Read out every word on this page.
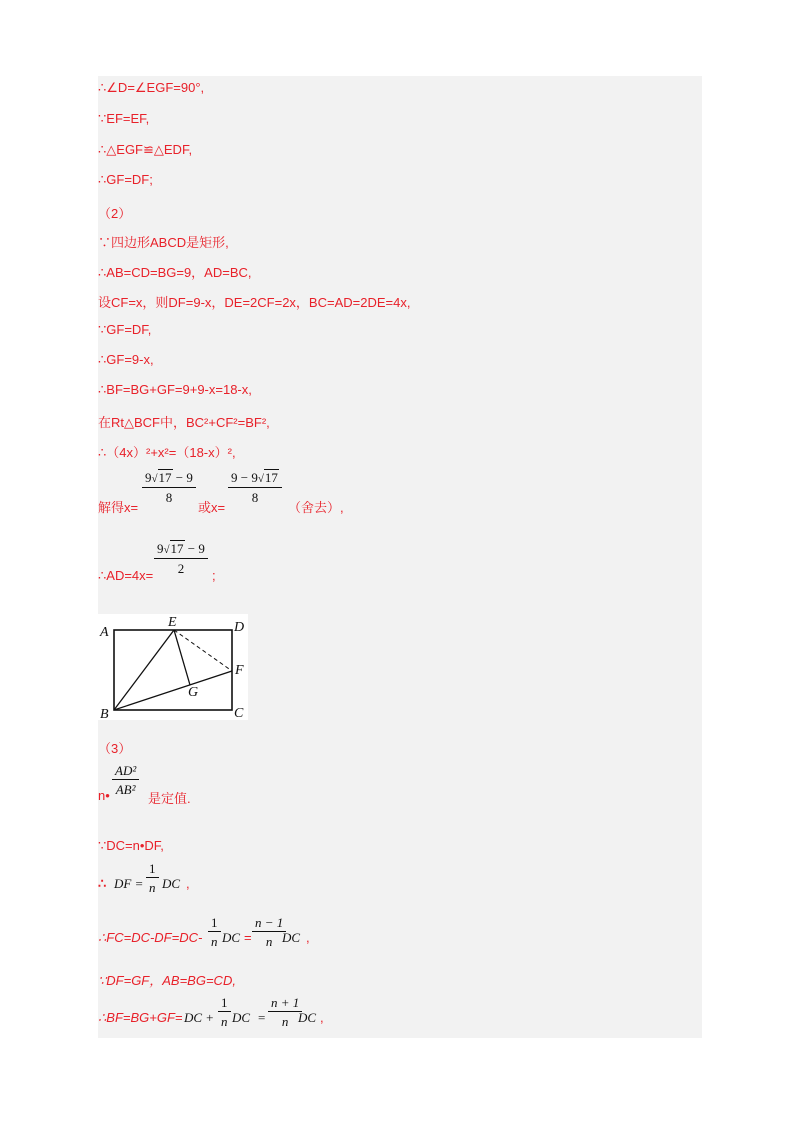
∴∠D=∠EGF=90°,
∵EF=EF,
∴△EGF≌△EDF,
∴GF=DF;
（2）
∵四边形ABCD是矩形,
∴AB=CD=BG=9，AD=BC,
设CF=x，则DF=9-x，DE=2CF=2x，BC=AD=2DE=4x,
∵GF=DF,
∴GF=9-x,
∴BF=BG+GF=9+9-x=18-x,
在Rt△BCF中，BC²+CF²=BF²,
∴（4x）²+x²=（18-x）²,
解得x=
$\frac{9√17 - 9}{8}$
或x=
$\frac{9 - 9√17}{8}$
（舍去）,
∴AD=4x=
$\frac{9√17 - 9}{2}$
;
A
E	D
F
G
B	C
（3）
n• $\frac{\text{AD²}}{\text{AB²}}$
是定值.
∵DC=n•DF,
∴ DF = $\frac{1}{n}$ DC ,
∴FC=DC-DF=DC- $\frac{1}{n}$ DC = $\frac{n - 1}{n}$
DC ,
∵DF=GF，AB=BG=CD,
∴BF=BG+GF= DC + $\frac{1}{n}$ DC = $\frac{n + 1}{n}$
DC ,
